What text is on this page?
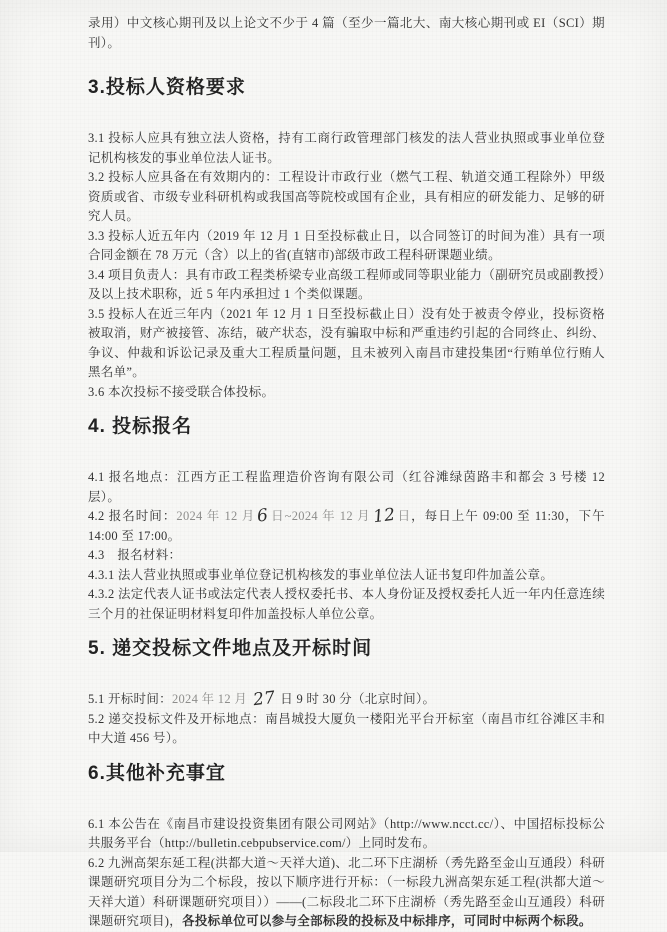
录用）中文核心期刊及以上论文不少于 4 篇（至少一篇北大、南大核心期刊或 EI（SCI）期刊）。

3.投标人资格要求

3.1 投标人应具有独立法人资格，持有工商行政管理部门核发的法人营业执照或事业单位登记机构核发的事业单位法人证书。

3.2 投标人应具备在有效期内的：工程设计市政行业（燃气工程、轨道交通工程除外）甲级资质或省、市级专业科研机构或我国高等院校或国有企业，具有相应的研发能力、足够的研究人员。

3.3 投标人近五年内（2019 年 12 月 1 日至投标截止日，以合同签订的时间为准）具有一项合同金额在 78 万元（含）以上的省(直辖市)部级市政工程科研课题业绩。

3.4 项目负责人：具有市政工程类桥梁专业高级工程师或同等职业能力（副研究员或副教授）及以上技术职称，近 5 年内承担过 1 个类似课题。

3.5 投标人在近三年内（2021 年 12 月 1 日至投标截止日）没有处于被责令停业，投标资格被取消，财产被接管、冻结，破产状态，没有骗取中标和严重违约引起的合同终止、纠纷、争议、仲裁和诉讼记录及重大工程质量问题，且未被列入南昌市建投集团“行贿单位行贿人黑名单”。

3.6 本次投标不接受联合体投标。

4. 投标报名

4.1 报名地点：江西方正工程监理造价咨询有限公司（红谷滩绿茵路丰和都会 3 号楼 12 层）。

4.2 报名时间：2024 年 12 月6日~2024 年 12 月12日，每日上午 09:00 至 11:30，下午 14:00 至 17:00。

4.3　报名材料：

4.3.1 法人营业执照或事业单位登记机构核发的事业单位法人证书复印件加盖公章。

4.3.2 法定代表人证书或法定代表人授权委托书、本人身份证及授权委托人近一年内任意连续三个月的社保证明材料复印件加盖投标人单位公章。

5. 递交投标文件地点及开标时间

5.1 开标时间：2024 年 12 月 27 日 9 时 30 分（北京时间）。

5.2 递交投标文件及开标地点：南昌城投大厦负一楼阳光平台开标室（南昌市红谷滩区丰和中大道 456 号）。

6.其他补充事宜

6.1 本公告在《南昌市建设投资集团有限公司网站》（http://www.ncct.cc/）、中国招标投标公共服务平台（http://bulletin.cebpubservice.com/）上同时发布。

6.2 九洲高架东延工程(洪都大道～天祥大道)、北二环下庄湖桥（秀先路至金山互通段）科研课题研究项目分为二个标段，按以下顺序进行开标：（一标段九洲高架东延工程(洪都大道～天祥大道）科研课题研究项目））——(二标段北二环下庄湖桥（秀先路至金山互通段）科研课题研究项目)，各投标单位可以参与全部标段的投标及中标排序，可同时中标两个标段。
